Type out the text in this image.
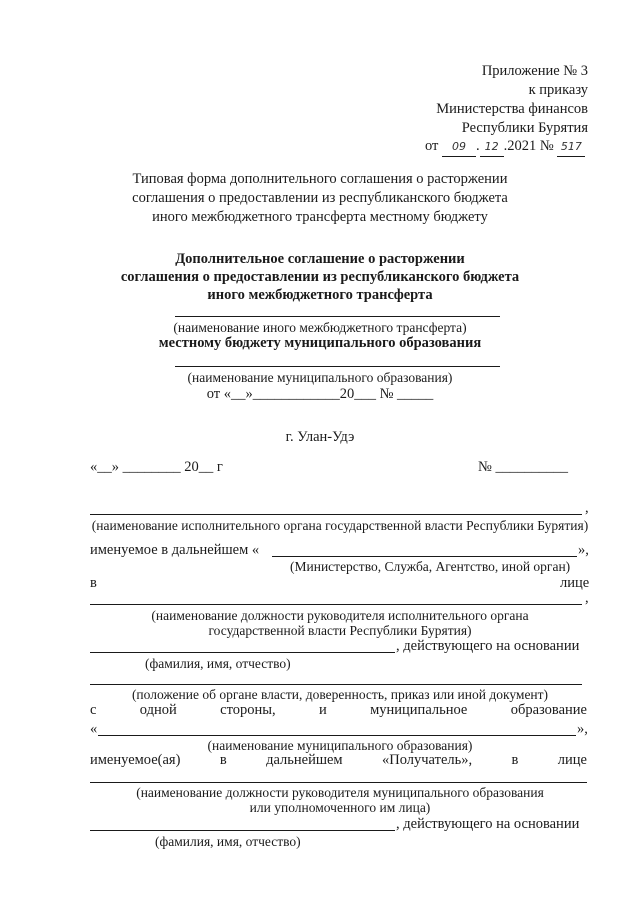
Приложение № 3
к приказу
Министерства финансов
Республики Бурятия
от 09 . 12 .2021 № 517
Типовая форма дополнительного соглашения о расторжении
соглашения о предоставлении из республиканского бюджета
иного межбюджетного трансферта местному бюджету
Дополнительное соглашение о расторжении
соглашения о предоставлении из республиканского бюджета
иного межбюджетного трансферта
(наименование иного межбюджетного трансферта)
местному бюджету муниципального образования
(наименование муниципального образования)
от «__»____________20___ № _____
г. Улан-Удэ
«__» ________ 20__ г	№ __________
,
(наименование исполнительного органа государственной власти Республики Бурятия)
именуемое в дальнейшем «	»,
(Министерство, Служба, Агентство, иной орган)
в	лице
,
(наименование должности руководителя исполнительного органа
государственной власти Республики Бурятия)
, действующего на основании
(фамилия, имя, отчество)
(положение об органе власти, доверенность, приказ или иной документ)
с	одной	стороны,	и	муниципальное	образование
«	»,
(наименование муниципального образования)
именуемое(ая)	в	дальнейшем	«Получатель»,	в	лице
(наименование должности руководителя муниципального образования
или уполномоченного им лица)
, действующего на основании
(фамилия, имя, отчество)
